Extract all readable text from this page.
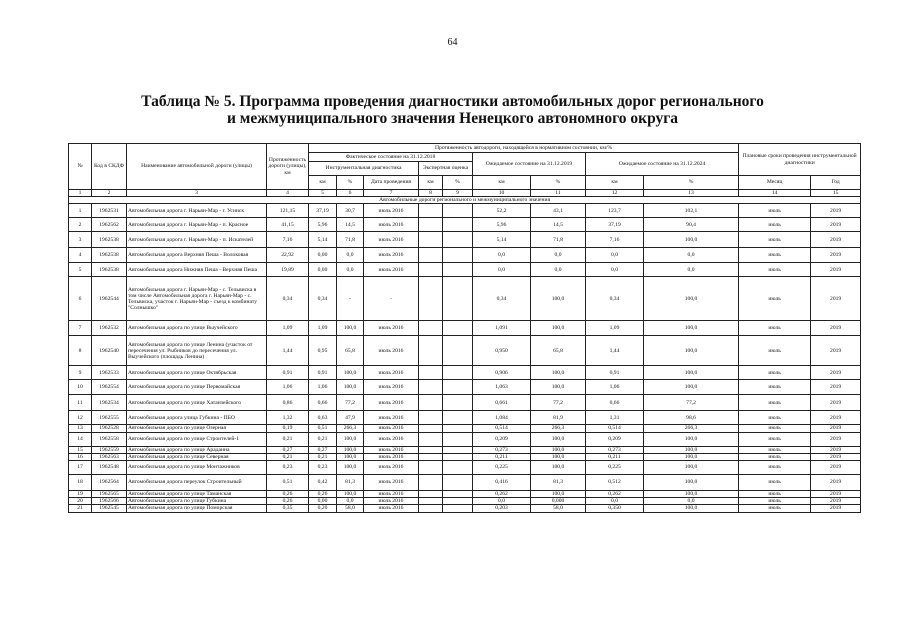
64
Таблица № 5. Программа проведения диагностики автомобильных дорог регионального
и межмуниципального значения Ненецкого автономного округа
№	Код в СКДФ	Наименование автомобильной дороги (улицы)	Протяженность дороги (улицы), км	Протяженность автодороги, находящейся в нормативном состоянии, км/%									Плановые сроки проведения инструментальной диагностики	
				Фактическое состояние на 31.12.2018					Ожидаемое состояние на 31.12.2019		Ожидаемое состояние на 31.12.2024			
				Инструментальная диагностика			Экспертная оценка							
				км	%	Дата проведения	км	%	км	%	км	%	Месяц	Год
1	2	3	4	5	6	7	8	9	10	11	12	13	14	15
Автомобильные дороги регионального и межмуниципального значения														
1	1962531	Автомобильная дорога г. Нарьян-Мар - г. Усинск	121,15	37,19	30,7	июль 2016			52,2	43,1	123,7	102,1	июль	2019
2	1962562	Автомобильная дорога г. Нарьян-Мар - п. Красное	41,15	5,96	14,5	июль 2016			5,96	14,5	37,19	90,4	июль	2019
3	1962538	Автомобильная дорога г. Нарьян-Мар - п. Искателей	7,16	5,14	71,8	июль 2016			5,14	71,8	7,16	100,0	июль	2019
4	1962538	Автомобильная дорога Верхняя Пеша - Волоковая	22,92	0,00	0,0	июль 2016			0,0	0,0	0,0	0,0	июль	2019
5	1962538	Автомобильная дорога Нижняя Пеша - Верхняя Пеша	19,89	0,00	0,0	июль 2016			0,0	0,0	0,0	0,0	июль	2019
6	1962544	Автомобильная дорога г. Нарьян-Мар - с. Тельвиска в том числе Автомобильная дорога г. Нарьян-Мар - с. Тельвиска, участок г. Нарьян-Мар - съезд к комбинату "Солнышко"	0,34	0,34	-	-			0,34	100,0	0,34	100,0	июль	2019
7	1962532	Автомобильная дорога по улице Выучейского	1,09	1,09	100,0	июль 2016			1,091	100,0	1,09	100,0	июль	2019
8	1962540	Автомобильная дорога по улице Ленина (участок от пересечения ул. Рыбников до пересечения ул. Выучейского (площадь Ленина)	1,44	0,95	65,8	июль 2016			0,950	65,8	1,44	100,0	июль	2019
9	1962533	Автомобильная дорога по улице Октябрьская	0,91	0,91	100,0	июль 2016			0,906	100,0	0,91	100,0	июль	2019
10	1962554	Автомобильная дорога по улице Первомайская	1,06	1,06	100,0	июль 2016			1,063	100,0	1,06	100,0	июль	2019
11	1962534	Автомобильная дорога по улице Хатанзейского	0,86	0,66	77,2	июль 2016			0,661	77,2	0,66	77,2	июль	2019
12	1962555	Автомобильная дорога улица Губкина - ПБО	1,32	0,63	47,9	июль 2016			1,084	81,9	1,31	98,6	июль	2019
13	1962528	Автомобильная дорога по улице Озерная	0,19	0,51	266,3	июль 2016			0,514	266,3	0,514	266,3	июль	2019
14	1962558	Автомобильная дорога по улице Строителей-1	0,21	0,21	100,0	июль 2016			0,209	100,0	0,209	100,0	июль	2019
15	1962559	Автомобильная дорога по улице Арадаина	0,27	0,27	100,0	июль 2016			0,273	100,0	0,273	100,0	июль	2019
16	1962563	Автомобильная дорога по улице Северная	0,21	0,21	100,0	июль 2016			0,211	100,0	0,211	100,0	июль	2019
17	1962548	Автомобильная дорога по улице Монтажников	0,23	0,23	100,0	июль 2016			0,225	100,0	0,225	100,0	июль	2019
18	1962564	Автомобильная дорога переулок Строительный	0,51	0,42	81,3	июль 2016			0,416	81,3	0,512	100,0	июль	2019
19	1962565	Автомобильная дорога по улице Таманская	0,26	0,26	100,0	июль 2016			0,262	100,0	0,262	100,0	июль	2019
20	1962566	Автомобильная дорога по улице Губкина	0,26	0,00	0,0	июль 2016			0,0	0,000	0,0	0,0	июль	2019
21	1962545	Автомобильная дорога по улице Поморская	0,35	0,20	58,0	июль 2016			0,203	58,0	0,350	100,0	июль	2019
